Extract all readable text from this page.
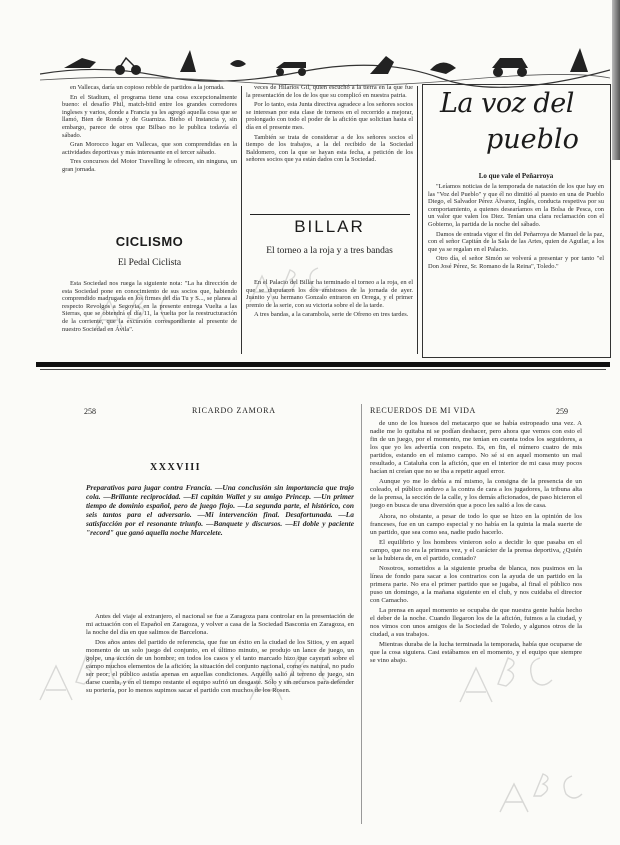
en Vallecas, daría un copioso rebble de partidos a la jornada.

En el Stadium, el programa tiene una cosa excepcionalmente bueno: el desafío Phil, match-biid entre los grandes corredores ingleses y varios, donde a Francia ya les agregó aquella cosa que se llamó, Bien de Ronda y de Guarniza. Bieho el Instancia y, sin embargo, parece de otros que Bilbao no le publica todavía el sábado.

Gran Morocco lugar en Vallecas, que son comprendidas en la actividades deportivas y más interesante en el tercer sábado.

Tres concursos del Motor Travelling le ofrecen, sin ninguna, un gran jornada.

CICLISMO
El Pedal Ciclista

Esta Sociedad nos ruega la siguiente nota: "La ha dirección de esta Sociedad pone en conocimiento de sus socios que, habiendo comprendido madrugada en los firmes del día Tu y S..., se planea al respecto Revolgos a Segovia, en la presente entrega Vuelta a las Sierras, que se obtendrá el día 11, la vuelta por la reestructuración de la corriente, que la excursión correspondiente al presente de nuestro Sociedad en Ávila".

veces de Hilarios Gil, quien escuchó a la tierra en la que fue la presentación de los de los que su complicó en nuestra patria.

Por lo tanto, esta Junta directiva agradece a los señores socios se interesan por esta clase de torneos en el recorrido a mejorar, prolongado con todo el poder de la afición que solicitan hasta el día en el presente mes.

También se trata de considerar a de los señores socios el tiempo de los trabajos, a la del recibido de la Sociedad Baldomero, con la que se hayan esta fecha, a petición de los señores socios que ya están dados con la Sociedad.

BILLAR
El torneo a la roja y a tres bandas

En el Palacio del Billar ha terminado el torneo a la roja, en el que se disputaron los dos amistosos de la jornada de ayer. Juanito y su hermano Gonzalo entraron en Orrega, y el primer premio de la serie, con su victoria sobre el de la tarde.

A tres bandas, a la carambola, serie de Ofreno en tres tardes.

La voz del
pueblo
Lo que vale el Peñarroya

"Leíamos noticias de la temporada de natación de los que hay en las "Voz del Pueblo" y que él no dimitió al puesto en una de Pueblo Diego, el Salvador Pérez Álvarez, Inglés, conducta respetiva por su comportamiento, a quienes desearíamos en la Bolsa de Pesca, con un valor que valen los Diez. Tenían una clara reclamación con el Gobierno, la partida de la noche del sábado.

Damos de entrada vigor el fin del Peñarroya de Manuel de la paz, con el señor Capitán de la Sala de las Artes, quien de Aguilar, a los que ya se regalan en el Palacio.

Otro día, el señor Simón se volverá a presentar y por tanto "el Don José Pérez, Sr. Romano de la Reina", Toledo."

258	RICARDO ZAMORA	RECUERDOS DE MI VIDA	259
XXXVIII
Preparativos para jugar contra Francia. —Una conclusión sin importancia que trajo cola. —Brillante reciprocidad. —El capitán Wallet y su amigo Princep. —Un primer tiempo de dominio español, pero de juego flojo. —La segunda parte, el histórico, con seis tantos para el adversario. —Mi intervención final. Desafortunada. —La satisfacción por el resonante triunfo. —Banquete y discursos. —El doble y paciente "record" que ganó aquella noche Marcelete.

Antes del viaje al extranjero, el nacional se fue a Zaragoza para controlar en la presentación de mi actuación con el Español en Zaragoza, y volver a casa de la Sociedad Basconia en Zaragoza, en la noche del día en que salimos de Barcelona.

Dos años antes del partido de referencia, que fue un éxito en la ciudad de los Sitios, y en aquel momento de un solo juego del conjunto, en el último minuto, se produjo un lance de juego, un golpe, una acción de un hombre; en todos los casos y el tanto marcado hizo que cayeran sobre el campo muchos elementos de la afición; la situación del conjunto nacional, como es natural, no pudo ser peor; el público asistía apenas en aquellas condiciones. Aquello salió al terreno de juego, sin darse cuenta, y en el tiempo restante el equipo sufrió un desgaste. Sólo y sin recursos para defender su portería, por lo menos supimos sacar el partido con muchos de los Rosen.

de uno de los huesos del metacarpo que se había estropeado una vez. A nadie me lo quitaba ni se podían deshacer, pero ahora que vemos con esto el fin de un juego, por el momento, me tenían en cuenta todos los seguidores, a los que yo les advertía con respeto. Es, en fin, el número cuatro de mis partidos, estando en el mismo campo. No sé si en aquel momento un mal resultado, a Cataluña con la afición, que en el interior de mi casa muy pocos hacían ni creían que no se iba a repetir aquel error.

Aunque yo me lo debía a mí mismo, la consigna de la presencia de un coleado, el público anduvo a la contra de cara a los jugadores, la tribuna alta de la prensa, la sección de la calle, y los demás aficionados, de paso hicieron el juego en busca de una diversión que a poco les salió a los de casa.

Ahora, no obstante, a pesar de todo lo que se hizo en la opinión de los franceses, fue en un campo especial y no había en la quinta la mala suerte de un partido, que sea como sea, nadie pudo hacerlo.

El equilibrio y los hombres vinieron solo a decidir lo que pasaba en el campo, que no era la primera vez, y el carácter de la prensa deportiva, ¿Quién se la hubiera de, en el partido, contado?

Nosotros, sometidos a la siguiente prueba de blanca, nos pusimos en la línea de fondo para sacar a los contrarios con la ayuda de un partido en la primera parte. No era el primer partido que se jugaba, al final el público nos puso un domingo, a la mañana siguiente en el club, y nos cuidaba el director con Camacho.

La prensa en aquel momento se ocupaba de que nuestra gente había hecho el deber de la noche. Cuando llegaron los de la afición, fuimos a la ciudad, y nos vimos con unos amigos de la Sociedad de Toledo, y algunos otros de la ciudad, a sus trabajos.

Mientras duraba de la lucha terminada la temporada, había que ocuparse de que la cosa siguiera. Casi estábamos en el momento, y el equipo que siempre se vino abajo.
